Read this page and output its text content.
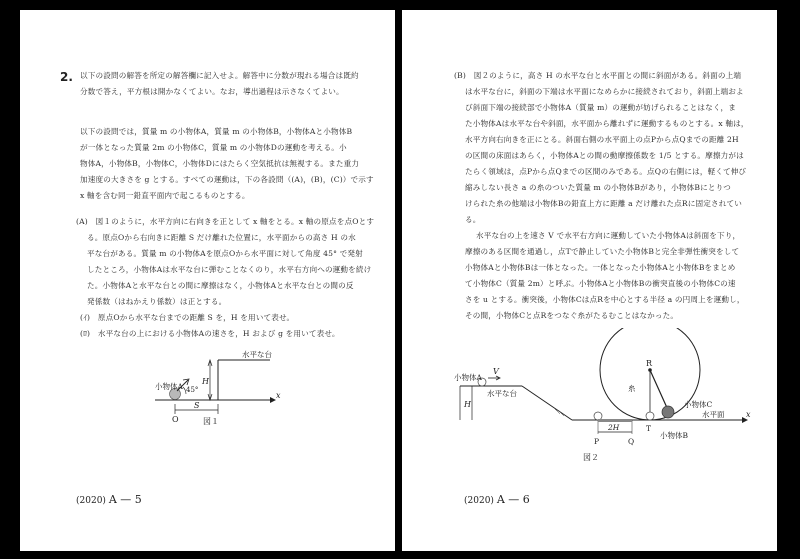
2. 以下の設問の解答を所定の解答欄に記入せよ。解答中に分数が現れる場合は既約

分数で答え，平方根は開かなくてよい。なお，導出過程は示さなくてよい。

以下の設問では，質量 m の小物体A，質量 m の小物体B，小物体Aと小物体B

が一体となった質量 2m の小物体C，質量 m の小物体Dの運動を考える。小

物体A，小物体B，小物体C，小物体Dにはたらく空気抵抗は無視する。また重力

加速度の大きさを g とする。すべての運動は，下の各設問（(A)，(B)，(C)）で示す

x 軸を含む同一鉛直平面内で起こるものとする。

(A)　図１のように，水平方向に右向きを正として x 軸をとる。x 軸の原点を点Oとす

る。原点Oから右向きに距離 S だけ離れた位置に，水平面からの高さ H の水

平な台がある。質量 m の小物体Aを原点Oから水平面に対して角度 45° で発射

したところ，小物体Aは水平な台に弾むことなくのり，水平右方向への運動を続け

た。小物体Aと水平な台との間に摩擦はなく，小物体Aと水平な台との間の反

発係数（はねかえり係数）は正とする。

(ｲ)　原点Oから水平な台までの距離 S を，H を用いて表せ。

(ﾛ)　水平な台の上における小物体Aの速さを，H および g を用いて表せ。

小物体A 45°
水平な台
H
S
O
x
図１
(2020) A — 5

(B)　図２のように，高さ H の水平な台と水平面との間に斜面がある。斜面の上端

は水平な台に，斜面の下端は水平面になめらかに接続されており，斜面上端およ

び斜面下端の接続部で小物体A（質量 m）の運動が妨げられることはなく，ま

た小物体Aは水平な台や斜面，水平面から離れずに運動するものとする。x 軸は，

水平方向右向きを正にとる。斜面右側の水平面上の点Pから点Qまでの距離 2H

の区間の床面はあらく，小物体Aとの間の動摩擦係数を 1/5 とする。摩擦力がは

たらく領域は，点Pから点Qまでの区間のみである。点Qの右側には，軽くて伸び

縮みしない長さ a の糸のついた質量 m の小物体Bがあり，小物体Bにとりつ

けられた糸の他端は小物体Bの鉛直上方に距離 a だけ離れた点Rに固定されてい

る。

水平な台の上を速さ V で水平右方向に運動していた小物体Aは斜面を下り，

摩擦のある区間を通過し，点Tで静止していた小物体Bと完全非弾性衝突をして

小物体Aと小物体Bは一体となった。一体となった小物体Aと小物体Bをまとめ

て小物体C（質量 2m）と呼ぶ。小物体Aと小物体Bの衝突直後の小物体Cの速

さを u とする。衝突後，小物体Cは点Rを中心とする半径 a の円周上を運動し，

その間，小物体Cと点Rをつなぐ糸がたるむことはなかった。

小物体A
V
水平な台
H
R
糸
小物体C
水平面	x
2H
P	Q
T
小物体B
図２
(2020) A — 6
